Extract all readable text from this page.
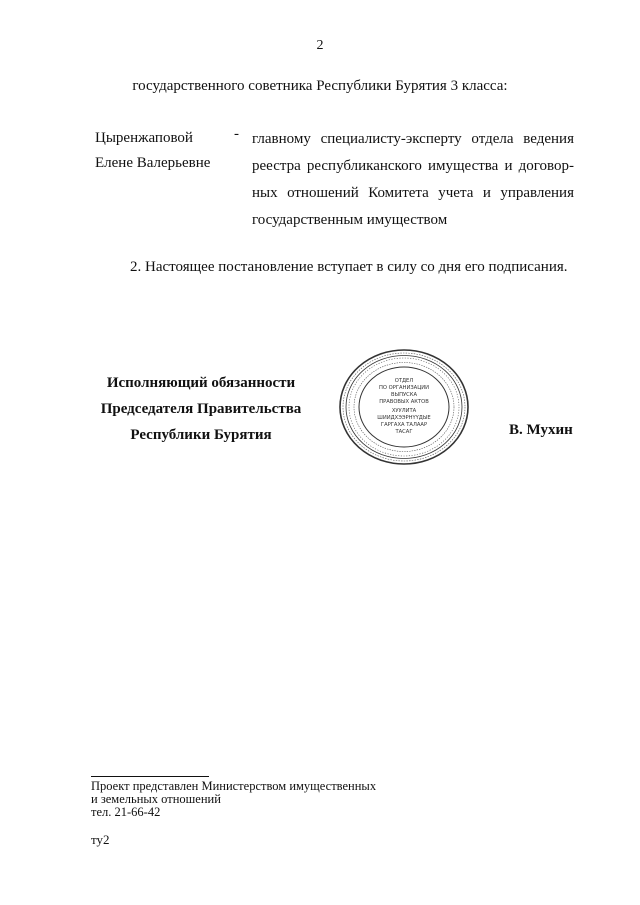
2
государственного советника Республики Бурятия 3 класса:
Цыренжаповой
Елене Валерьевне
- главному специалисту-эксперту отдела ведения
реестра республиканского имущества и договор-
ных отношений Комитета учета и управления
государственным имуществом
2. Настоящее постановление вступает в силу со дня его подписания.
Исполняющий обязанности
Председателя Правительства
Республики Бурятия
ОТДЕЛ
ПО ОРГАНИЗАЦИИ
ВЫПУСКА
ПРАВОВЫХ АКТОВ
ХУУЛИТА
ШИИДХЭЭРНҮҮДЫЕ
ГАРГАХА ТАЛААР
ТАСАГ	В. Мухин
Проект представлен Министерством имущественных
и земельных отношений
тел. 21-66-42
ту2
